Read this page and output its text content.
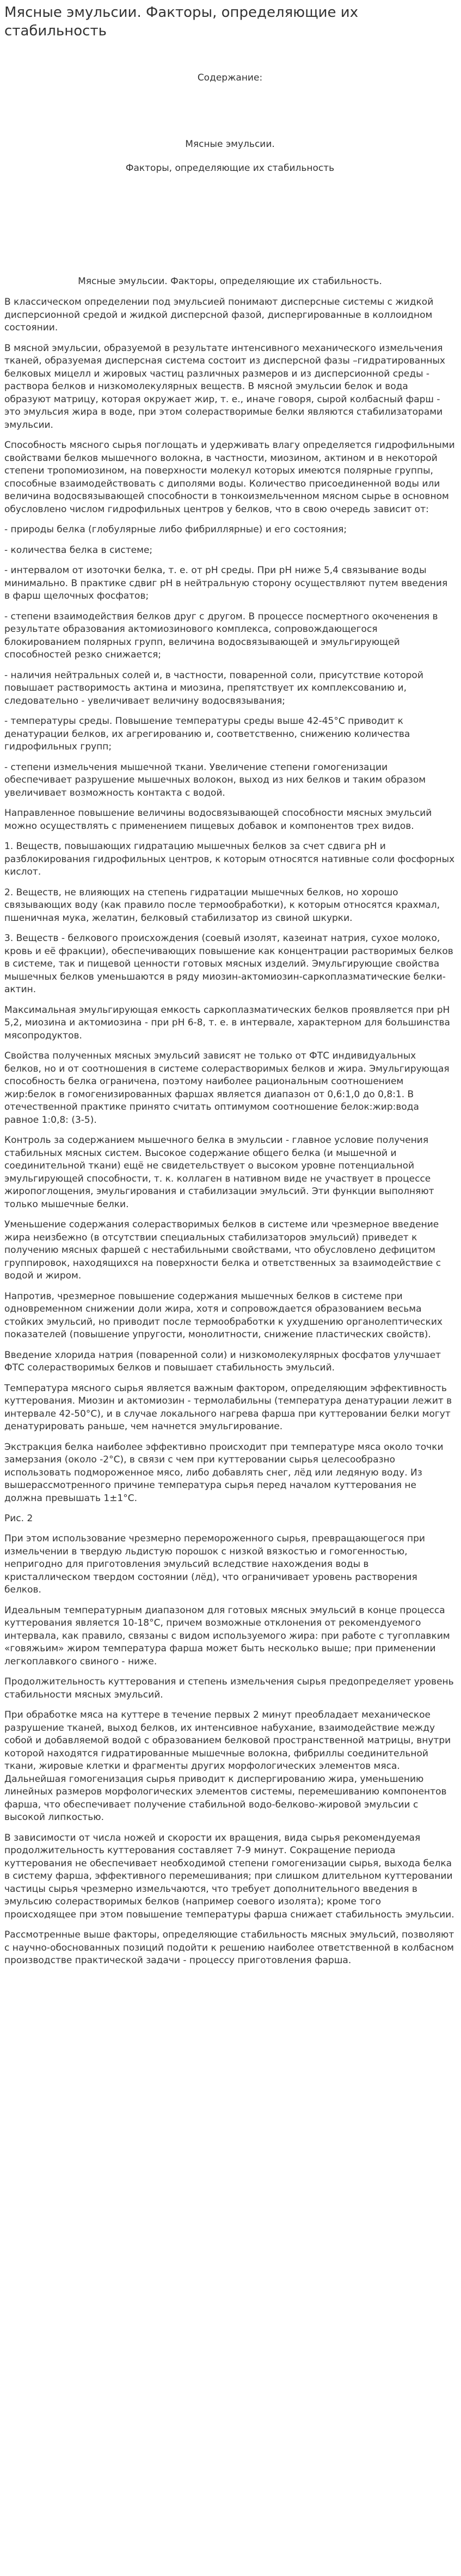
Мясные эмульсии. Факторы, определяющие их стабильность
Содержание:

Мясные эмульсии.

Факторы, определяющие их стабильность

Мясные эмульсии. Факторы, определяющие их стабильность.

В классическом определении под эмульсией понимают дисперсные системы с жидкой дисперсионной средой и жидкой дисперсной фазой, диспергированные в коллоидном состоянии.

В мясной эмульсии, образуемой в результате интенсивного механического измельчения тканей, образуемая дисперсная система состоит из дисперсной фазы –гидратированных белковых мицелл и жировых частиц различных размеров и из дисперсионной среды - раствора белков и низкомолекулярных веществ. В мясной эмульсии белок и вода образуют матрицу, которая окружает жир, т. е., иначе говоря, сырой колбасный фарш - это эмульсия жира в воде, при этом солерастворимые белки являются стабилизаторами эмульсии.

Способность мясного сырья поглощать и удерживать влагу определяется гидрофильными свойствами белков мышечного волокна, в частности, миозином, актином и в некоторой степени тропомиозином, на поверхности молекул которых имеются полярные группы, способные взаимодействовать с диполями воды. Количество присоединенной воды или величина водосвязывающей способности в тонкоизмельченном мясном сырье в основном обусловлено числом гидрофильных центров у белков, что в свою очередь зависит от:

- природы белка (глобулярные либо фибриллярные) и его состояния;

- количества белка в системе;

- интервалом от изоточки белка, т. е. от рН среды. При рН ниже 5,4 связывание воды минимально. В практике сдвиг рН в нейтральную сторону осуществляют путем введения в фарш щелочных фосфатов;

- степени взаимодействия белков друг с другом. В процессе посмертного окоченения в результате образования актомиозинового комплекса, сопровождающегося блокированием полярных групп, величина водосвязывающей и эмульгирующей способностей резко снижается;

- наличия нейтральных солей и, в частности, поваренной соли, присутствие которой повышает растворимость актина и миозина, препятствует их комплексованию и, следовательно - увеличивает величину водосвязывания;

- температуры среды. Повышение температуры среды выше 42-45°С приводит к денатурации белков, их агрегированию и, соответственно, снижению количества гидрофильных групп;

- степени измельчения мышечной ткани. Увеличение степени гомогенизации обеспечивает разрушение мышечных волокон, выход из них белков и таким образом увеличивает возможность контакта с водой.

Направленное повышение величины водосвязывающей способности мясных эмульсий можно осуществлять с применением пищевых добавок и компонентов трех видов.

1. Веществ, повышающих гидратацию мышечных белков за счет сдвига рН и разблокирования гидрофильных центров, к которым относятся нативные соли фосфорных кислот.

2. Веществ, не влияющих на степень гидратации мышечных белков, но хорошо связывающих воду (как правило после термообработки), к которым относятся крахмал, пшеничная мука, желатин, белковый стабилизатор из свиной шкурки.

3. Веществ - белкового происхождения (соевый изолят, казеинат натрия, сухое молоко, кровь и её фракции), обеспечивающих повышение как концентрации растворимых белков в системе, так и пищевой ценности готовых мясных изделий. Эмульгирующие свойства мышечных белков уменьшаются в ряду миозин-актомиозин-саркоплазматические белки-актин.

Максимальная эмульгирующая емкость саркоплазматических белков проявляется при рН 5,2, миозина и актомиозина - при рН 6-8, т. е. в интервале, характерном для большинства мясопродуктов.

Свойства полученных мясных эмульсий зависят не только от ФТС индивидуальных белков, но и от соотношения в системе солерастворимых белков и жира. Эмульгирующая способность белка ограничена, поэтому наиболее рациональным соотношением жир:белок в гомогенизированных фаршах является диапазон от 0,6:1,0 до 0,8:1. В отечественной практике принято считать оптимумом соотношение белок:жир:вода равное 1:0,8: (3-5).

Контроль за содержанием мышечного белка в эмульсии - главное условие получения стабильных мясных систем. Высокое содержание общего белка (и мышечной и соединительной ткани) ещё не свидетельствует о высоком уровне потенциальной эмульгирующей способности, т. к. коллаген в нативном виде не участвует в процессе жиропоглощения, эмульгирования и стабилизации эмульсий. Эти функции выполняют только мышечные белки.

Уменьшение содержания солерастворимых белков в системе или чрезмерное введение жира неизбежно (в отсутствии специальных стабилизаторов эмульсий) приведет к получению мясных фаршей с нестабильными свойствами, что обусловлено дефицитом группировок, находящихся на поверхности белка и ответственных за взаимодействие с водой и жиром.

Напротив, чрезмерное повышение содержания мышечных белков в системе при одновременном снижении доли жира, хотя и сопровождается образованием весьма стойких эмульсий, но приводит после термообработки к ухудшению органолептических показателей (повышение упругости, монолитности, снижение пластических свойств).

Введение хлорида натрия (поваренной соли) и низкомолекулярных фосфатов улучшает ФТС солерастворимых белков и повышает стабильность эмульсий.

Температура мясного сырья является важным фактором, определяющим эффективность куттерования. Миозин и актомиозин - термолабильны (температура денатурации лежит в интервале 42-50°С), и в случае локального нагрева фарша при куттеровании белки могут денатурировать раньше, чем начнется эмульгирование.

Экстракция белка наиболее эффективно происходит при температуре мяса около точки замерзания (около -2°С), в связи с чем при куттеровании сырья целесообразно использовать подмороженное мясо, либо добавлять снег, лёд или ледяную воду. Из вышерассмотренного причине температура сырья перед началом куттерования не должна превышать 1±1°С.

Рис. 2

При этом использование чрезмерно перемороженного сырья, превращающегося при измельчении в твердую льдистую порошок с низкой вязкостью и гомогенностью, непригодно для приготовления эмульсий вследствие нахождения воды в кристаллическом твердом состоянии (лёд), что ограничивает уровень растворения белков.

Идеальным температурным диапазоном для готовых мясных эмульсий в конце процесса куттерования является 10-18°С, причем возможные отклонения от рекомендуемого интервала, как правило, связаны с видом используемого жира: при работе с тугоплавким «говяжьим» жиром температура фарша может быть несколько выше; при применении легкоплавкого свиного - ниже.

Продолжительность куттерования и степень измельчения сырья предопределяет уровень стабильности мясных эмульсий.

При обработке мяса на куттере в течение первых 2 минут преобладает механическое разрушение тканей, выход белков, их интенсивное набухание, взаимодействие между собой и добавляемой водой с образованием белковой пространственной матрицы, внутри которой находятся гидратированные мышечные волокна, фибриллы соединительной ткани, жировые клетки и фрагменты других морфологических элементов мяса. Дальнейшая гомогенизация сырья приводит к диспергированию жира, уменьшению линейных размеров морфологических элементов системы, перемешиванию компонентов фарша, что обеспечивает получение стабильной водо-белково-жировой эмульсии с высокой липкостью.

В зависимости от числа ножей и скорости их вращения, вида сырья рекомендуемая продолжительность куттерования составляет 7-9 минут. Сокращение периода куттерования не обеспечивает необходимой степени гомогенизации сырья, выхода белка в систему фарша, эффективного перемешивания; при слишком длительном куттеровании частицы сырья чрезмерно измельчаются, что требует дополнительного введения в эмульсию солерастворимых белков (например соевого изолята); кроме того происходящее при этом повышение температуры фарша снижает стабильность эмульсии.

Рассмотренные выше факторы, определяющие стабильность мясных эмульсий, позволяют с научно-обоснованных позиций подойти к решению наиболее ответственной в колбасном производстве практической задачи - процессу приготовления фарша.
